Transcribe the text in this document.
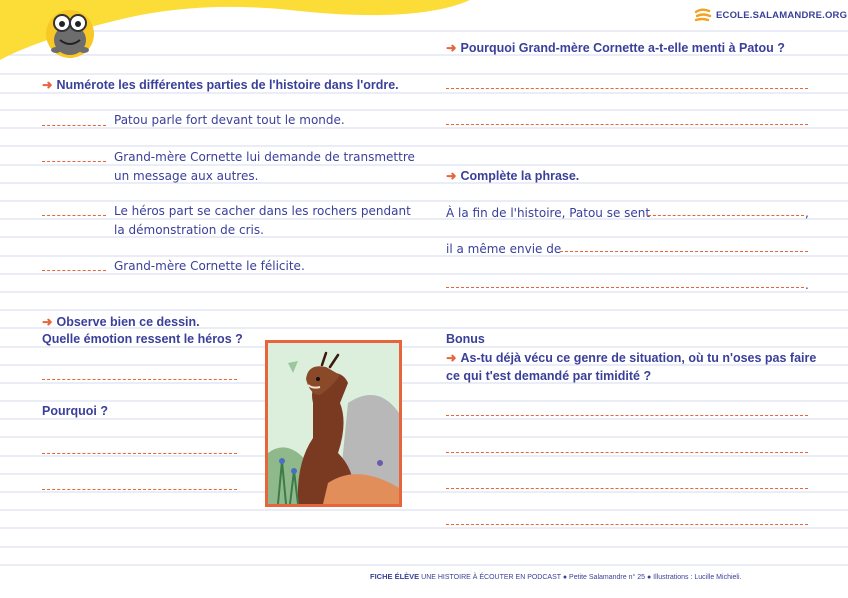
ECOLE.SALAMANDRE.ORG
➜ Numérote les différentes parties de l'histoire dans l'ordre.
Patou parle fort devant tout le monde.
Grand-mère Cornette lui demande de transmettre
un message aux autres.
Le héros part se cacher dans les rochers pendant
la démonstration de cris.
Grand-mère Cornette le félicite.
➜ Observe bien ce dessin.
Quelle émotion ressent le héros ?
Pourquoi ?
➜ Pourquoi Grand-mère Cornette a-t-elle menti à Patou ?
➜ Complète la phrase.
À la fin de l'histoire, Patou se sent	,
il a même envie de
.
Bonus
➜ As-tu déjà vécu ce genre de situation, où tu n'oses pas faire
ce qui t'est demandé par timidité ?
FICHE ÉLÈVE UNE HISTOIRE À ÉCOUTER EN PODCAST ● Petite Salamandre n° 25 ● Illustrations : Lucille Michieli.
